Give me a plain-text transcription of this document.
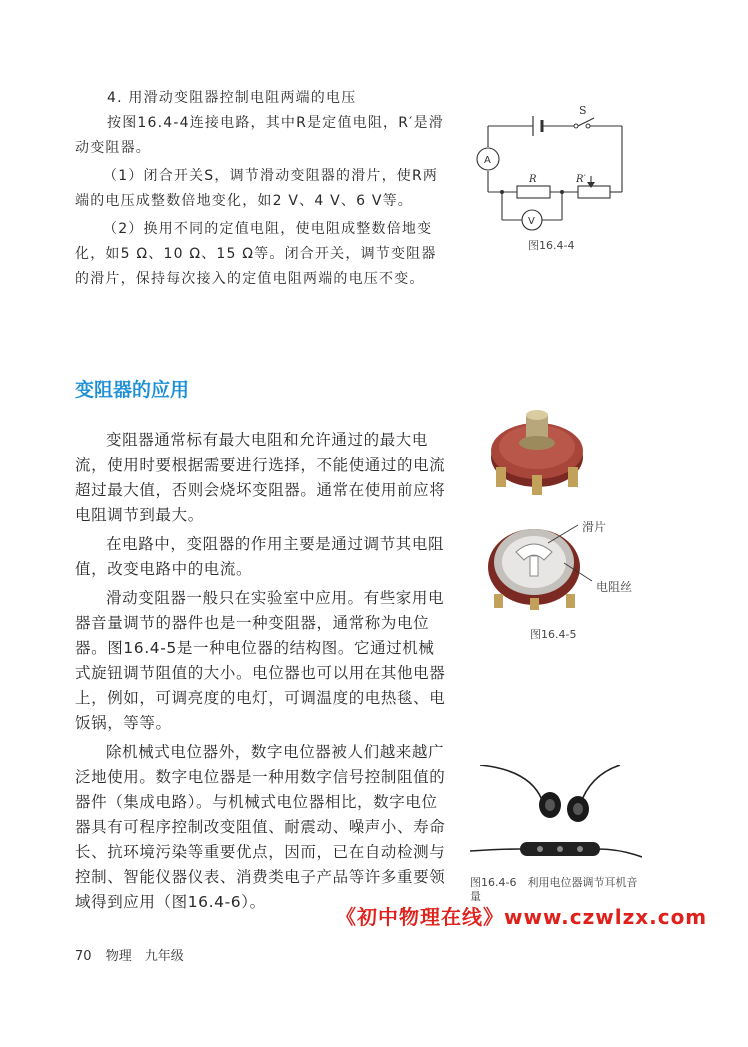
4. 用滑动变阻器控制电阻两端的电压
按图16.4-4连接电路，其中R是定值电阻，R′是滑动变阻器。
（1）闭合开关S，调节滑动变阻器的滑片，使R两端的电压成整数倍地变化，如2 V、4 V、6 V等。
（2）换用不同的定值电阻，使电阻成整数倍地变化，如5 Ω、10 Ω、15 Ω等。闭合开关，调节变阻器的滑片，保持每次接入的定值电阻两端的电压不变。
S
A
R	R′
V
图16.4-4
变阻器的应用

变阻器通常标有最大电阻和允许通过的最大电流，使用时要根据需要进行选择，不能使通过的电流超过最大值，否则会烧坏变阻器。通常在使用前应将电阻调节到最大。

在电路中，变阻器的作用主要是通过调节其电阻值，改变电路中的电流。

滑动变阻器一般只在实验室中应用。有些家用电器音量调节的器件也是一种变阻器，通常称为电位器。图16.4-5是一种电位器的结构图。它通过机械式旋钮调节阻值的大小。电位器也可以用在其他电器上，例如，可调亮度的电灯，可调温度的电热毯、电饭锅，等等。

除机械式电位器外，数字电位器被人们越来越广泛地使用。数字电位器是一种用数字信号控制阻值的器件（集成电路）。与机械式电位器相比，数字电位器具有可程序控制改变阻值、耐震动、噪声小、寿命长、抗环境污染等重要优点，因而，已在自动检测与控制、智能仪器仪表、消费类电子产品等许多重要领域得到应用（图16.4-6）。

滑片
电阻丝
图16.4-5
图16.4-6　利用电位器调节耳机音量
《初中物理在线》www.czwlzx.com
70 物理　九年级
